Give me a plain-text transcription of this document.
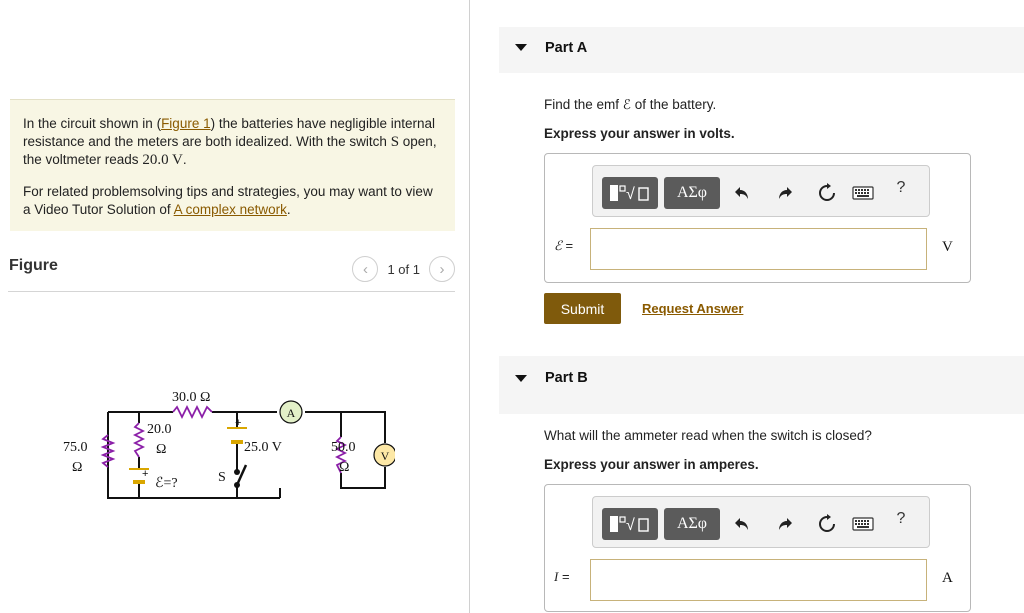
In the circuit shown in (Figure 1) the batteries have negligible internal resistance and the meters are both idealized. With the switch S open, the voltmeter reads 20.0 V.

For related problemsolving tips and strategies, you may want to view a Video Tutor Solution of A complex network.

Figure	‹	1 of 1	›
30.0 Ω
75.0
Ω
20.0
Ω
+
ℰ=?
+
25.0 V
S
50.0
Ω
A
V
Part A
Find the emf ℰ of the battery.
Express your answer in volts.
√	ΑΣφ	?
ℰ =	V
Submit	Request Answer
Part B
What will the ammeter read when the switch is closed?
Express your answer in amperes.
√	ΑΣφ	?
I =	A
